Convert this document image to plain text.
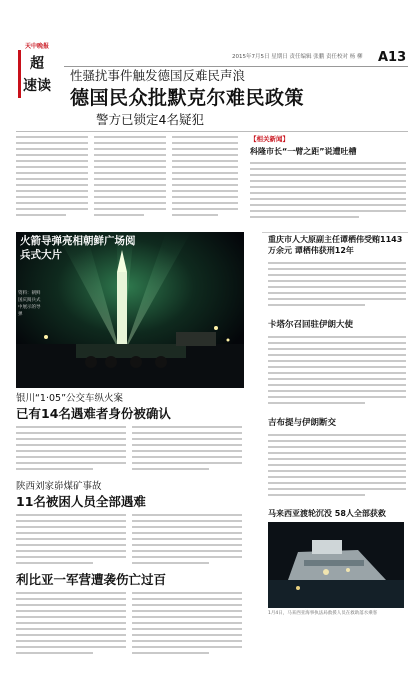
天中晚报
超
速读
2015年7月5日 星期日 责任编辑 张鹏 责任校对 杨 柳	A13
性骚扰事件触发德国反难民声浪
德国民众批默克尔难民政策
警方已锁定4名疑犯
【相关新闻】
科隆市长“一臂之距”说遭吐槽
火箭导弹亮相朝鲜广场阅兵式大片
资料：朝鲜国庆阅兵式中展示的导弹
银川“1·05”公交车纵火案
已有14名遇难者身份被确认
陕西刘家峁煤矿事故
11名被困人员全部遇难
利比亚一军营遭袭伤亡过百
重庆市人大原副主任谭栖伟受贿1143万余元 谭栖伟获刑12年
卡塔尔召回驻伊朗大使
吉布提与伊朗断交
马来西亚渡轮沉没 58人全部获救
1月4日，马来西亚海事执法局救援人员在救助落水乘客
